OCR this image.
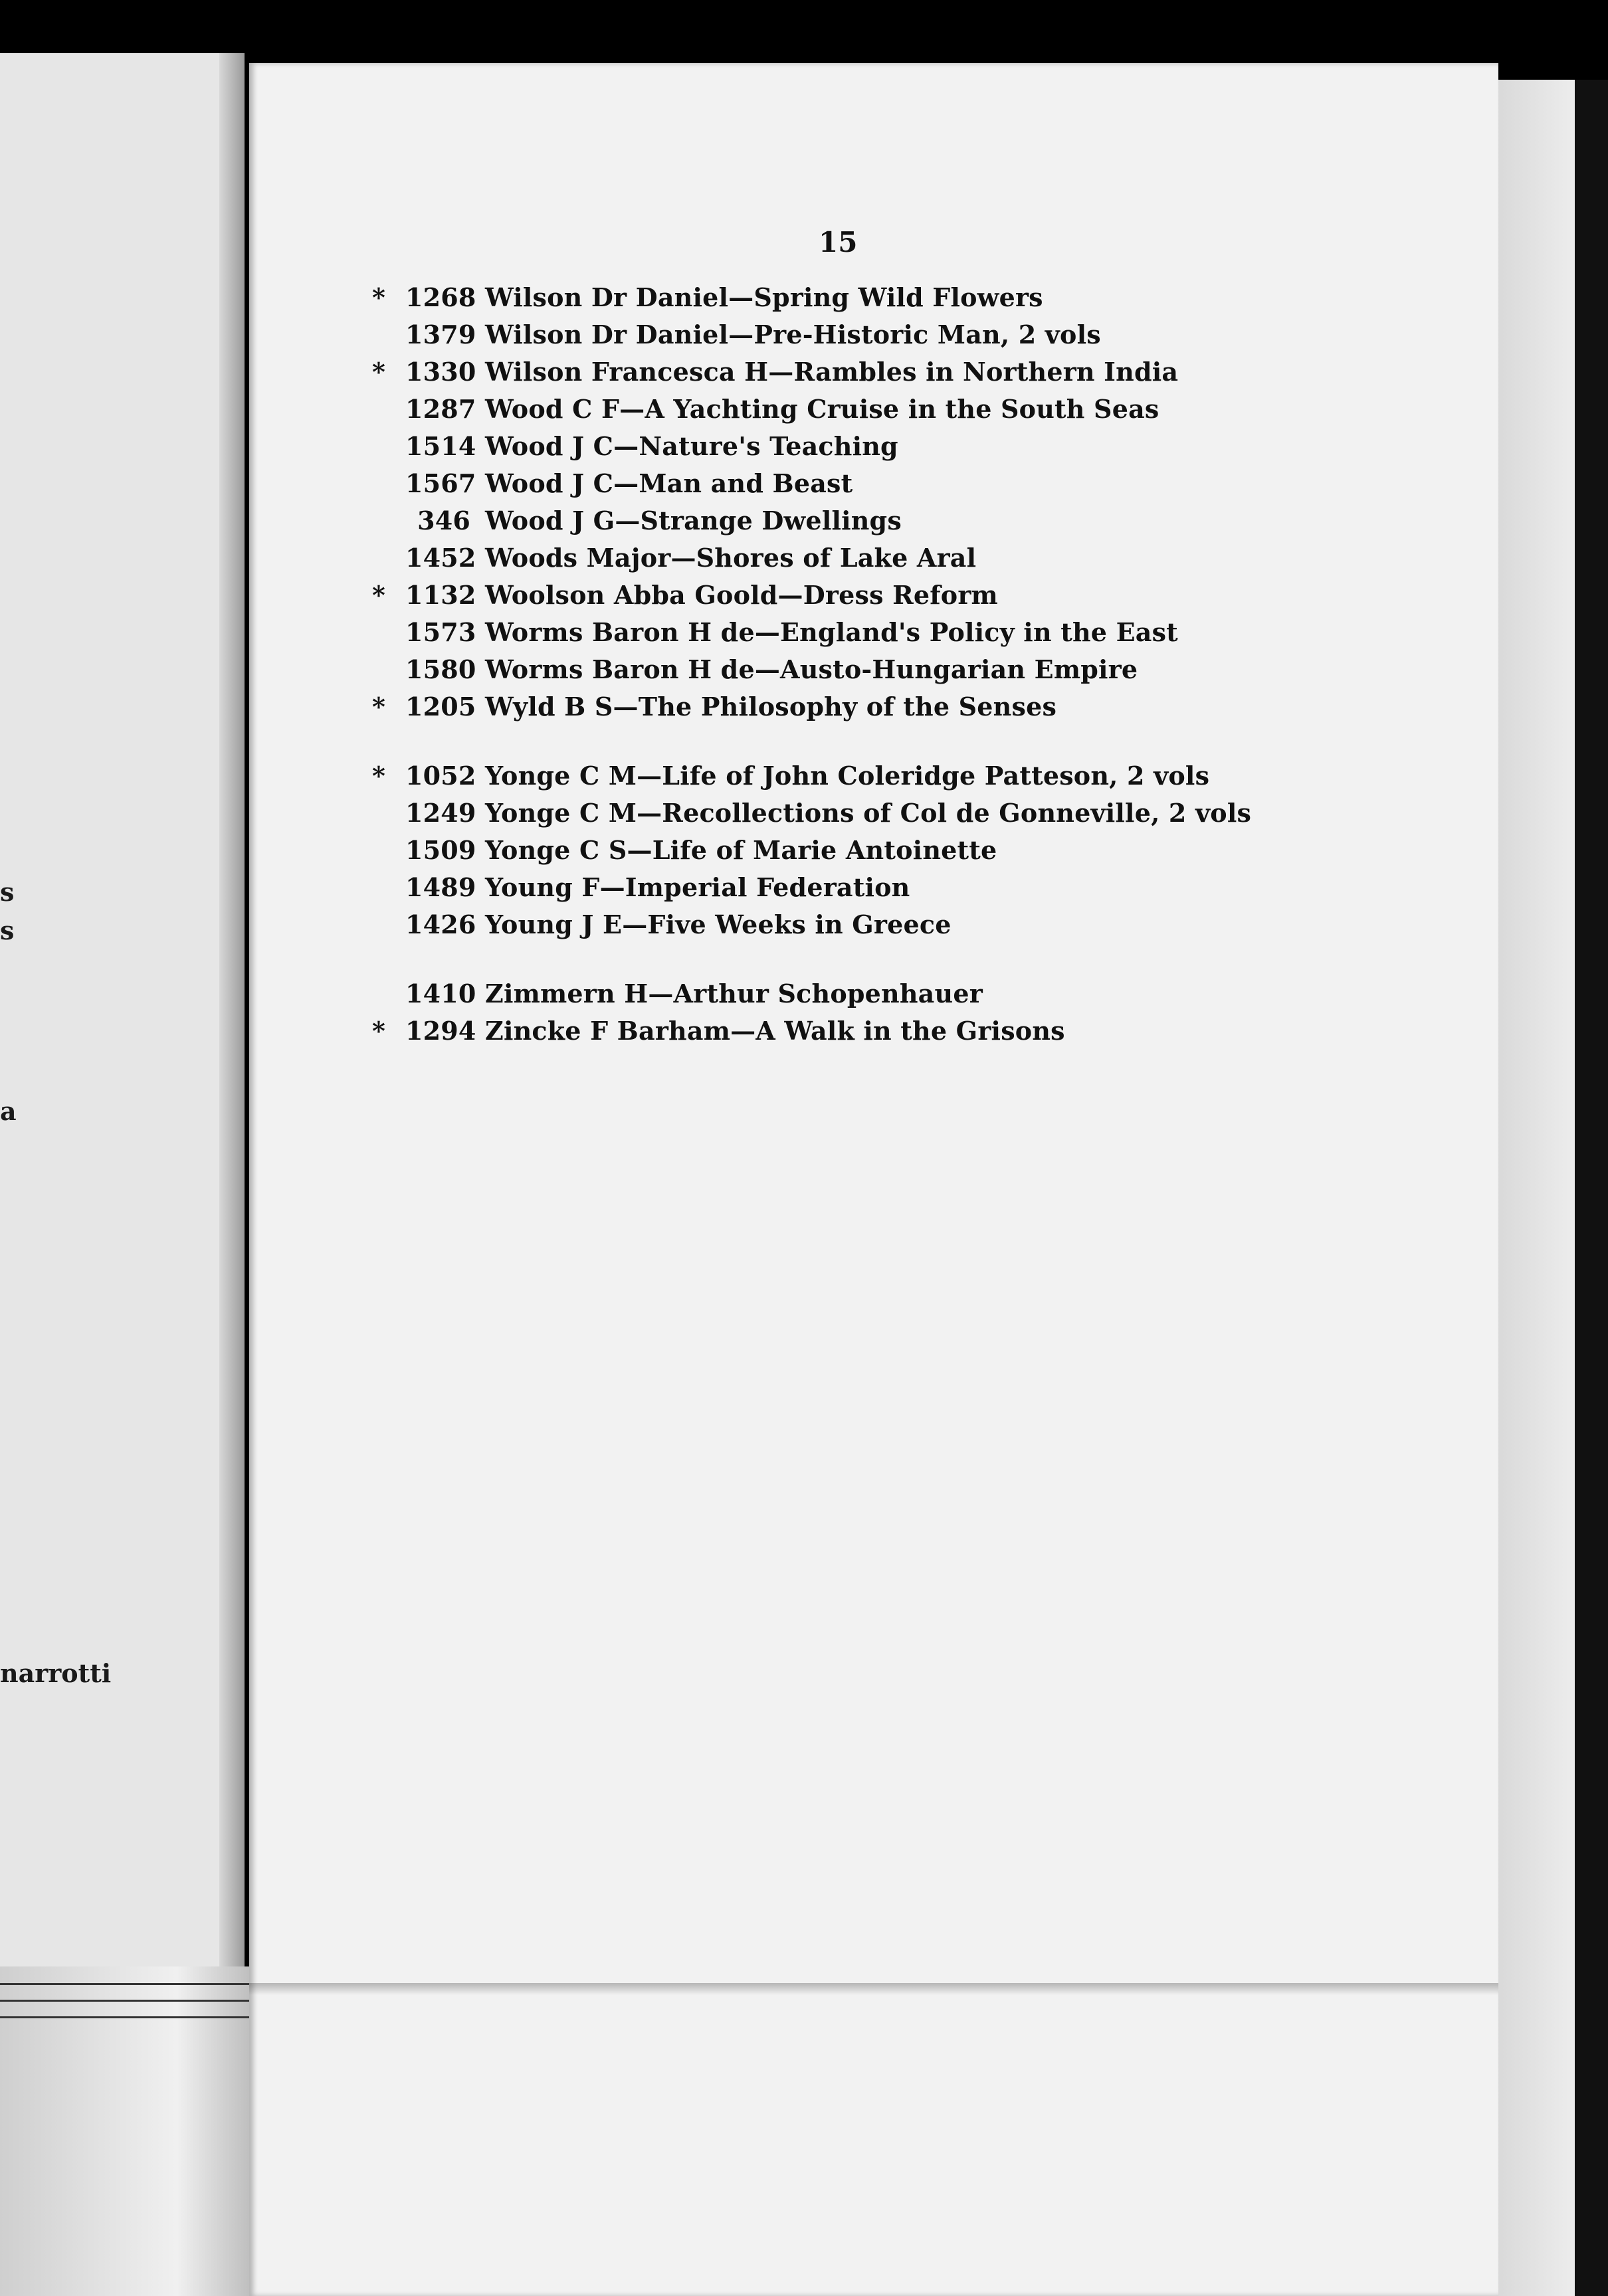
s
s
a
narrotti
15
* 1268 Wilson Dr Daniel—Spring Wild Flowers
1379 Wilson Dr Daniel—Pre-Historic Man, 2 vols
* 1330 Wilson Francesca H—Rambles in Northern India
1287 Wood C F—A Yachting Cruise in the South Seas
1514 Wood J C—Nature's Teaching
1567 Wood J C—Man and Beast
346 Wood J G—Strange Dwellings
1452 Woods Major—Shores of Lake Aral
* 1132 Woolson Abba Goold—Dress Reform
1573 Worms Baron H de—England's Policy in the East
1580 Worms Baron H de—Austo-Hungarian Empire
* 1205 Wyld B S—The Philosophy of the Senses
* 1052 Yonge C M—Life of John Coleridge Patteson, 2 vols
1249 Yonge C M—Recollections of Col de Gonneville, 2 vols
1509 Yonge C S—Life of Marie Antoinette
1489 Young F—Imperial Federation
1426 Young J E—Five Weeks in Greece
1410 Zimmern H—Arthur Schopenhauer
* 1294 Zincke F Barham—A Walk in the Grisons
